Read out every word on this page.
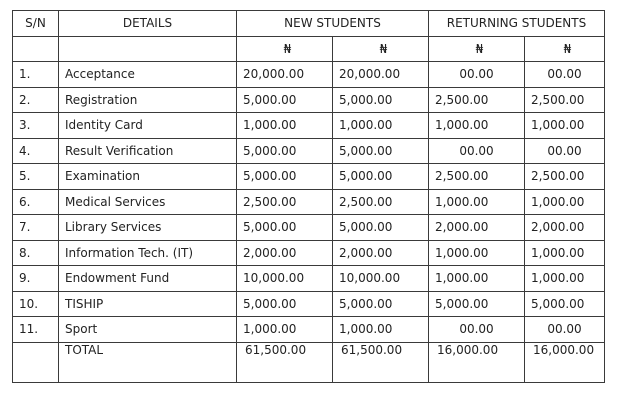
S/N	DETAILS	NEW STUDENTS		RETURNING STUDENTS	
		₦	₦	₦	₦
1.	Acceptance	20,000.00	20,000.00	00.00	00.00
2.	Registration	5,000.00	5,000.00	2,500.00	2,500.00
3.	Identity Card	1,000.00	1,000.00	1,000.00	1,000.00
4.	Result Verification	5,000.00	5,000.00	00.00	00.00
5.	Examination	5,000.00	5,000.00	2,500.00	2,500.00
6.	Medical Services	2,500.00	2,500.00	1,000.00	1,000.00
7.	Library Services	5,000.00	5,000.00	2,000.00	2,000.00
8.	Information Tech. (IT)	2,000.00	2,000.00	1,000.00	1,000.00
9.	Endowment Fund	10,000.00	10,000.00	1,000.00	1,000.00
10.	TISHIP	5,000.00	5,000.00	5,000.00	5,000.00
11.	Sport	1,000.00	1,000.00	00.00	00.00
	TOTAL	61,500.00	61,500.00	16,000.00	16,000.00
